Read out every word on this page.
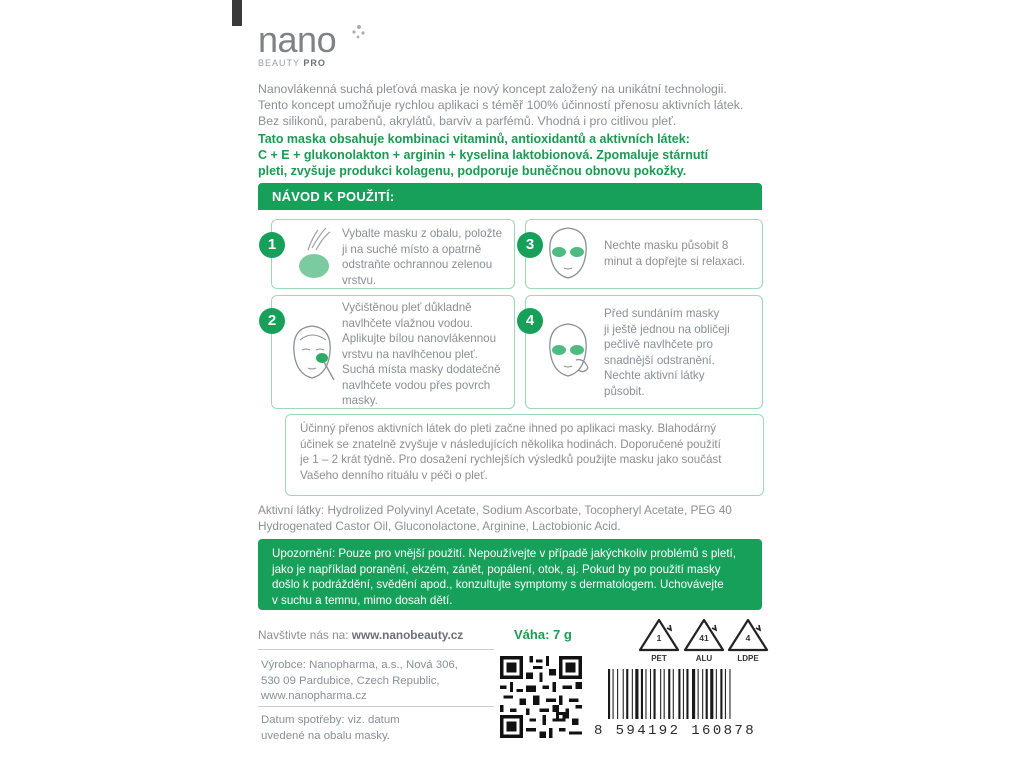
nano
BEAUTY PRO

Nanovlákenná suchá pleťová maska je nový koncept založený na unikátní technologii.

Tento koncept umožňuje rychlou aplikaci s téměř 100% účinností přenosu aktivních látek.

Bez silikonů, parabenů, akrylátů, barviv a parfémů. Vhodná i pro citlivou pleť.

Tato maska obsahuje kombinaci vitaminů, antioxidantů a aktivních látek:

C + E + glukonolakton + arginin + kyselina laktobionová. Zpomaluje stárnutí

pleti, zvyšuje produkci kolagenu, podporuje buněčnou obnovu pokožky.

NÁVOD K POUŽITÍ:
Vybalte masku z obalu, položte
ji na suché místo a opatrně
odstraňte ochrannou zelenou
vrstvu.
1
Vyčištěnou pleť důkladně
navlhčete vlažnou vodou.
Aplikujte bílou nanovlákennou
vrstvu na navlhčenou pleť.
Suchá místa masky dodatečně
navlhčete vodou přes povrch
masky.
2
Nechte masku působit 8
minut a dopřejte si relaxaci.
3
Před sundáním masky
ji ještě jednou na obličeji
pečlivě navlhčete pro
snadnější odstranění.
Nechte aktivní látky
působit.
4
Účinný přenos aktivních látek do pleti začne ihned po aplikaci masky. Blahodárný
účinek se znatelně zvyšuje v následujících několika hodinách. Doporučené použití
je 1 – 2 krát týdně. Pro dosažení rychlejších výsledků použijte masku jako součást
Vašeho denního rituálu v péči o pleť.
Aktivní látky: Hydrolized Polyvinyl Acetate, Sodium Ascorbate, Tocopheryl Acetate, PEG 40
Hydrogenated Castor Oil, Gluconolactone, Arginine, Lactobionic Acid.
Upozornění: Pouze pro vnější použití. Nepoužívejte v případě jakýchkoliv problémů s pletí,
jako je například poranění, ekzém, zánět, popálení, otok, aj. Pokud by po použití masky
došlo k podráždění, svědění apod., konzultujte symptomy s dermatologem. Uchovávejte
v suchu a temnu, mimo dosah dětí.
Navštivte nás na: www.nanobeauty.cz	Váha: 7 g
Výrobce: Nanopharma, a.s., Nová 306,
530 09 Pardubice, Czech Republic,
www.nanopharma.cz
Datum spotřeby: viz. datum
uvedené na obalu masky.
1
PET
41
ALU
4
LDPE
8 594192 160878
